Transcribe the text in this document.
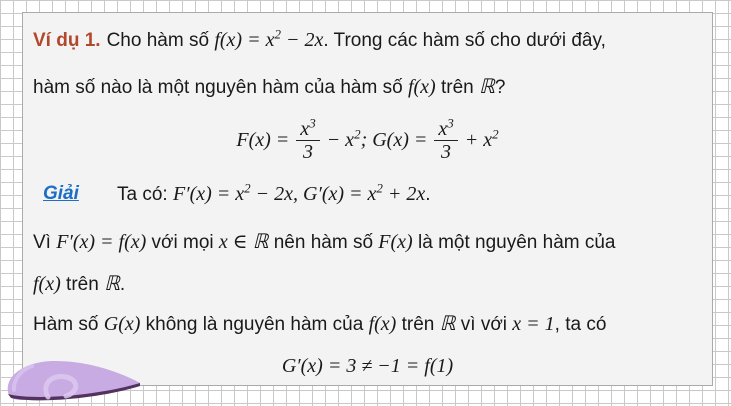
Ví dụ 1. Cho hàm số $f(x) = x^2 - 2x$. Trong các hàm số cho dưới đây,
hàm số nào là một nguyên hàm của hàm số f(x) trên ℝ?
$F(x) = \frac{x^3}{3} - x^2$; $G(x) = \frac{x^3}{3} + x^2$
Giải Ta có: $F'(x) = x^2 - 2x$, $G'(x) = x^2 + 2x$.
Vì F′(x) = f(x) với mọi x ∈ ℝ nên hàm số F(x) là một nguyên hàm của
f(x) trên ℝ.
Hàm số G(x) không là nguyên hàm của f(x) trên ℝ vì với x = 1, ta có
G′(x) = 3 ≠ −1 = f(1)
